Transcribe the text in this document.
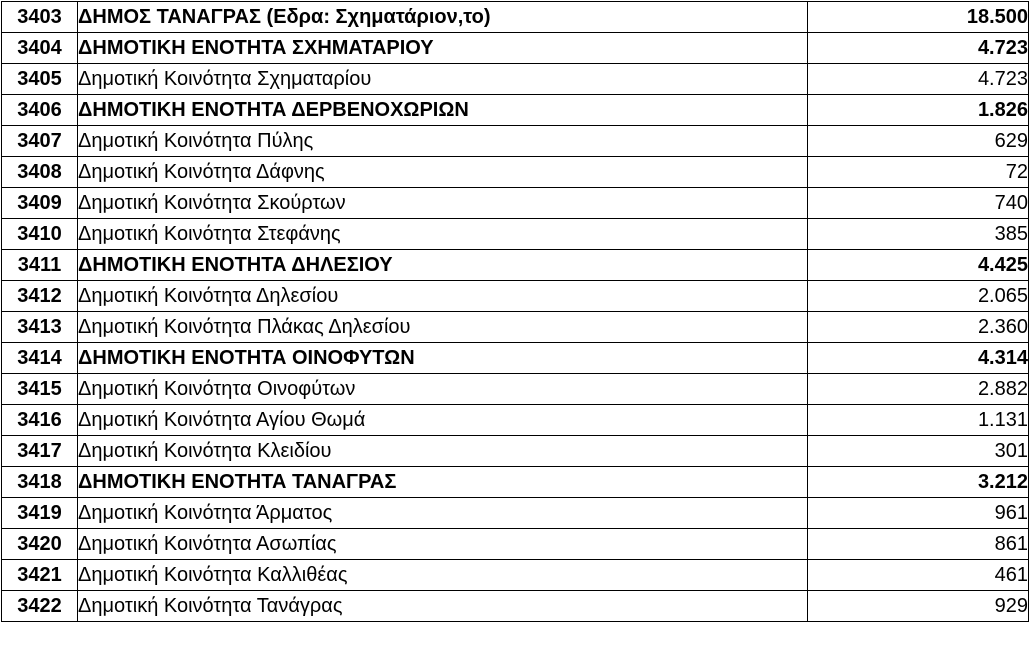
3403	ΔΗΜΟΣ ΤΑΝΑΓΡΑΣ (Εδρα: Σχηματάριον,το)	18.500
3404	ΔΗΜΟΤΙΚΗ ΕΝΟΤΗΤΑ ΣΧΗΜΑΤΑΡΙΟΥ	4.723
3405	Δημοτική Κοινότητα Σχηματαρίου	4.723
3406	ΔΗΜΟΤΙΚΗ ΕΝΟΤΗΤΑ ΔΕΡΒΕΝΟΧΩΡΙΩΝ	1.826
3407	Δημοτική Κοινότητα Πύλης	629
3408	Δημοτική Κοινότητα Δάφνης	72
3409	Δημοτική Κοινότητα Σκούρτων	740
3410	Δημοτική Κοινότητα Στεφάνης	385
3411	ΔΗΜΟΤΙΚΗ ΕΝΟΤΗΤΑ ΔΗΛΕΣΙΟΥ	4.425
3412	Δημοτική Κοινότητα Δηλεσίου	2.065
3413	Δημοτική Κοινότητα Πλάκας Δηλεσίου	2.360
3414	ΔΗΜΟΤΙΚΗ ΕΝΟΤΗΤΑ ΟΙΝΟΦΥΤΩΝ	4.314
3415	Δημοτική Κοινότητα Οινοφύτων	2.882
3416	Δημοτική Κοινότητα Αγίου Θωμά	1.131
3417	Δημοτική Κοινότητα Κλειδίου	301
3418	ΔΗΜΟΤΙΚΗ ΕΝΟΤΗΤΑ ΤΑΝΑΓΡΑΣ	3.212
3419	Δημοτική Κοινότητα Άρματος	961
3420	Δημοτική Κοινότητα Ασωπίας	861
3421	Δημοτική Κοινότητα Καλλιθέας	461
3422	Δημοτική Κοινότητα Τανάγρας	929
